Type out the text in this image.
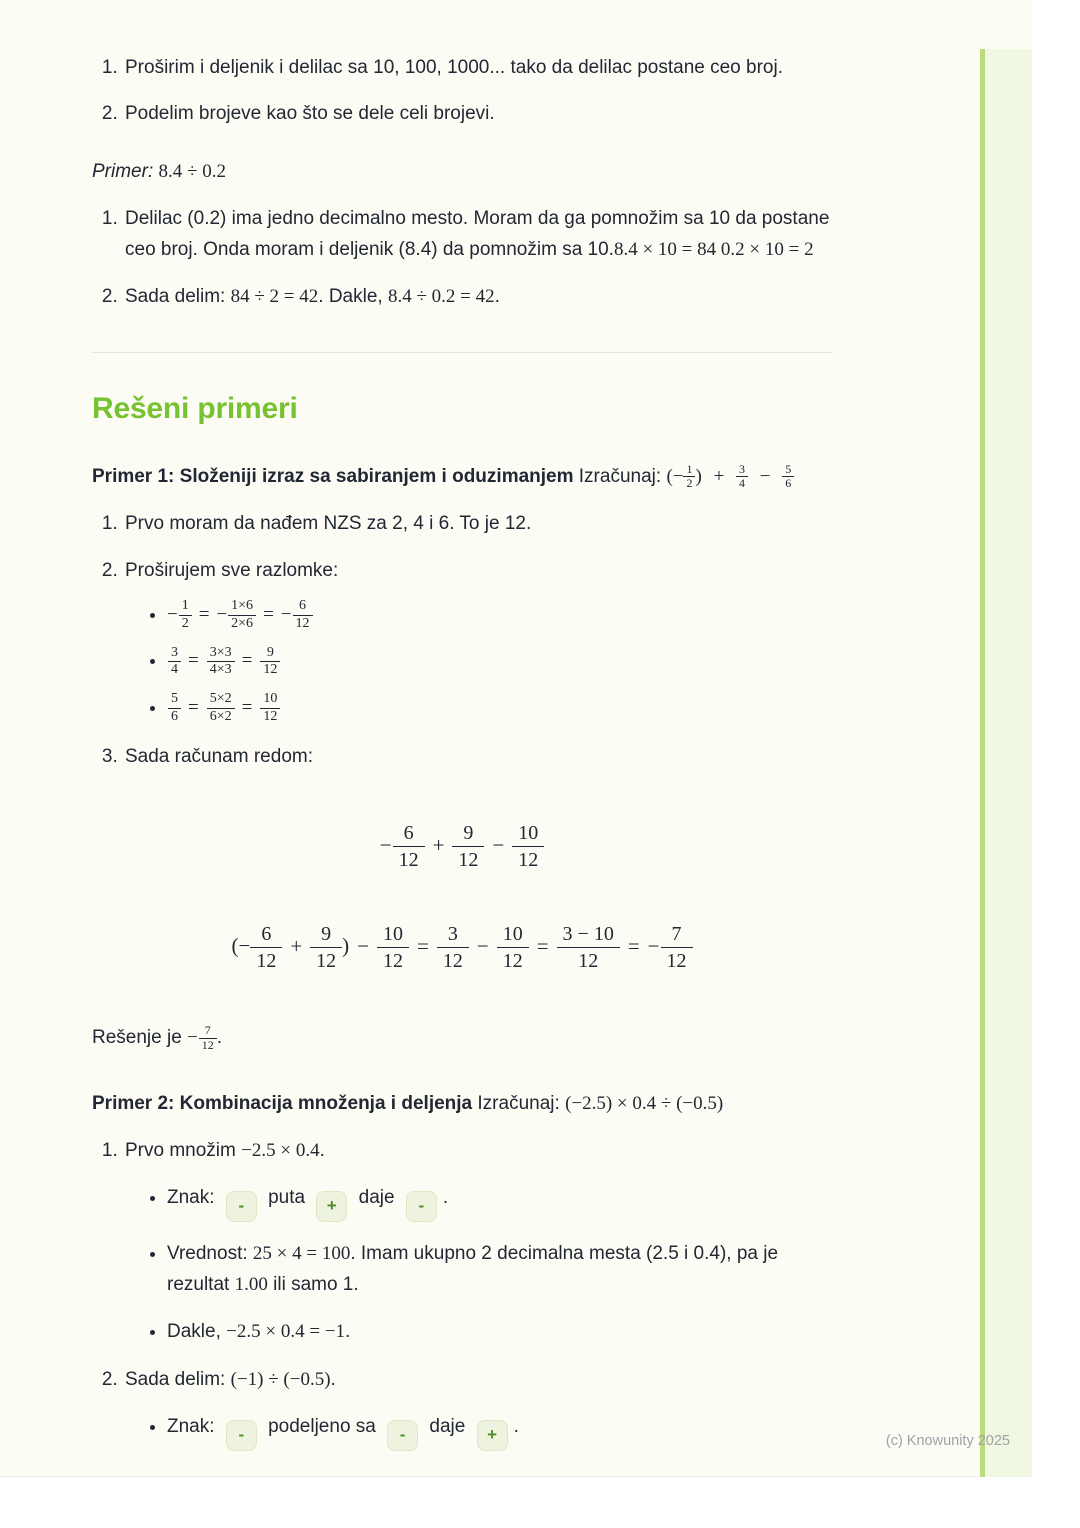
1. Proširim i deljenik i delilac sa 10, 100, 1000... tako da delilac postane ceo broj.
2. Podelim brojeve kao što se dele celi brojevi.

Primer: 8.4 ÷ 0.2

1. Delilac (0.2) ima jedno decimalno mesto. Moram da ga pomnožim sa 10 da postane ceo broj. Onda moram i deljenik (8.4) da pomnožim sa 10.8.4 × 10 = 84 0.2 × 10 = 2
2. Sada delim: 84 ÷ 2 = 42. Dakle, 8.4 ÷ 0.2 = 42.
Rešeni primeri

Primer 1: Složeniji izraz sa sabiranjem i oduzimanjem Izračunaj: (− $\frac{1}{2}$ ) + $\frac{3}{4} - \frac{5}{6}$

1. Prvo moram da nađem NZS za 2, 4 i 6. To je 12.
2. Proširujem sve razlomke:
• − $\frac{1}{2}$ = − $\frac{1\times 6}{2\times 6}$ = − $\frac{6}{12}$
• $\frac{3}{4} = \frac{3\times 3}{4\times 3} = \frac{9}{12}$
• $\frac{5}{6} = \frac{5\times 2}{6\times 2} = \frac{10}{12}$
3. Sada računam redom:
− $\frac{6}{12} + \frac{9}{12} - \frac{10}{12}$
(− $\frac{6}{12} + \frac{9}{12}$ ) − $\frac{10}{12} = \frac{3}{12} - \frac{10}{12} = \frac{3 - 10}{12}$ = − $\frac{7}{12}$

Rešenje je − $\frac{7}{12}$ .

Primer 2: Kombinacija množenja i deljenja Izračunaj: (−2.5) × 0.4 ÷ (−0.5)

1. Prvo množim −2.5 × 0.4.
• Znak: - puta + daje - .
• Vrednost: 25 × 4 = 100. Imam ukupno 2 decimalna mesta (2.5 i 0.4), pa je rezultat 1.00 ili samo 1.
• Dakle, −2.5 × 0.4 = −1.
2. Sada delim: (−1) ÷ (−0.5).
• Znak: - podeljeno sa - daje + .
(c) Knowunity 2025
